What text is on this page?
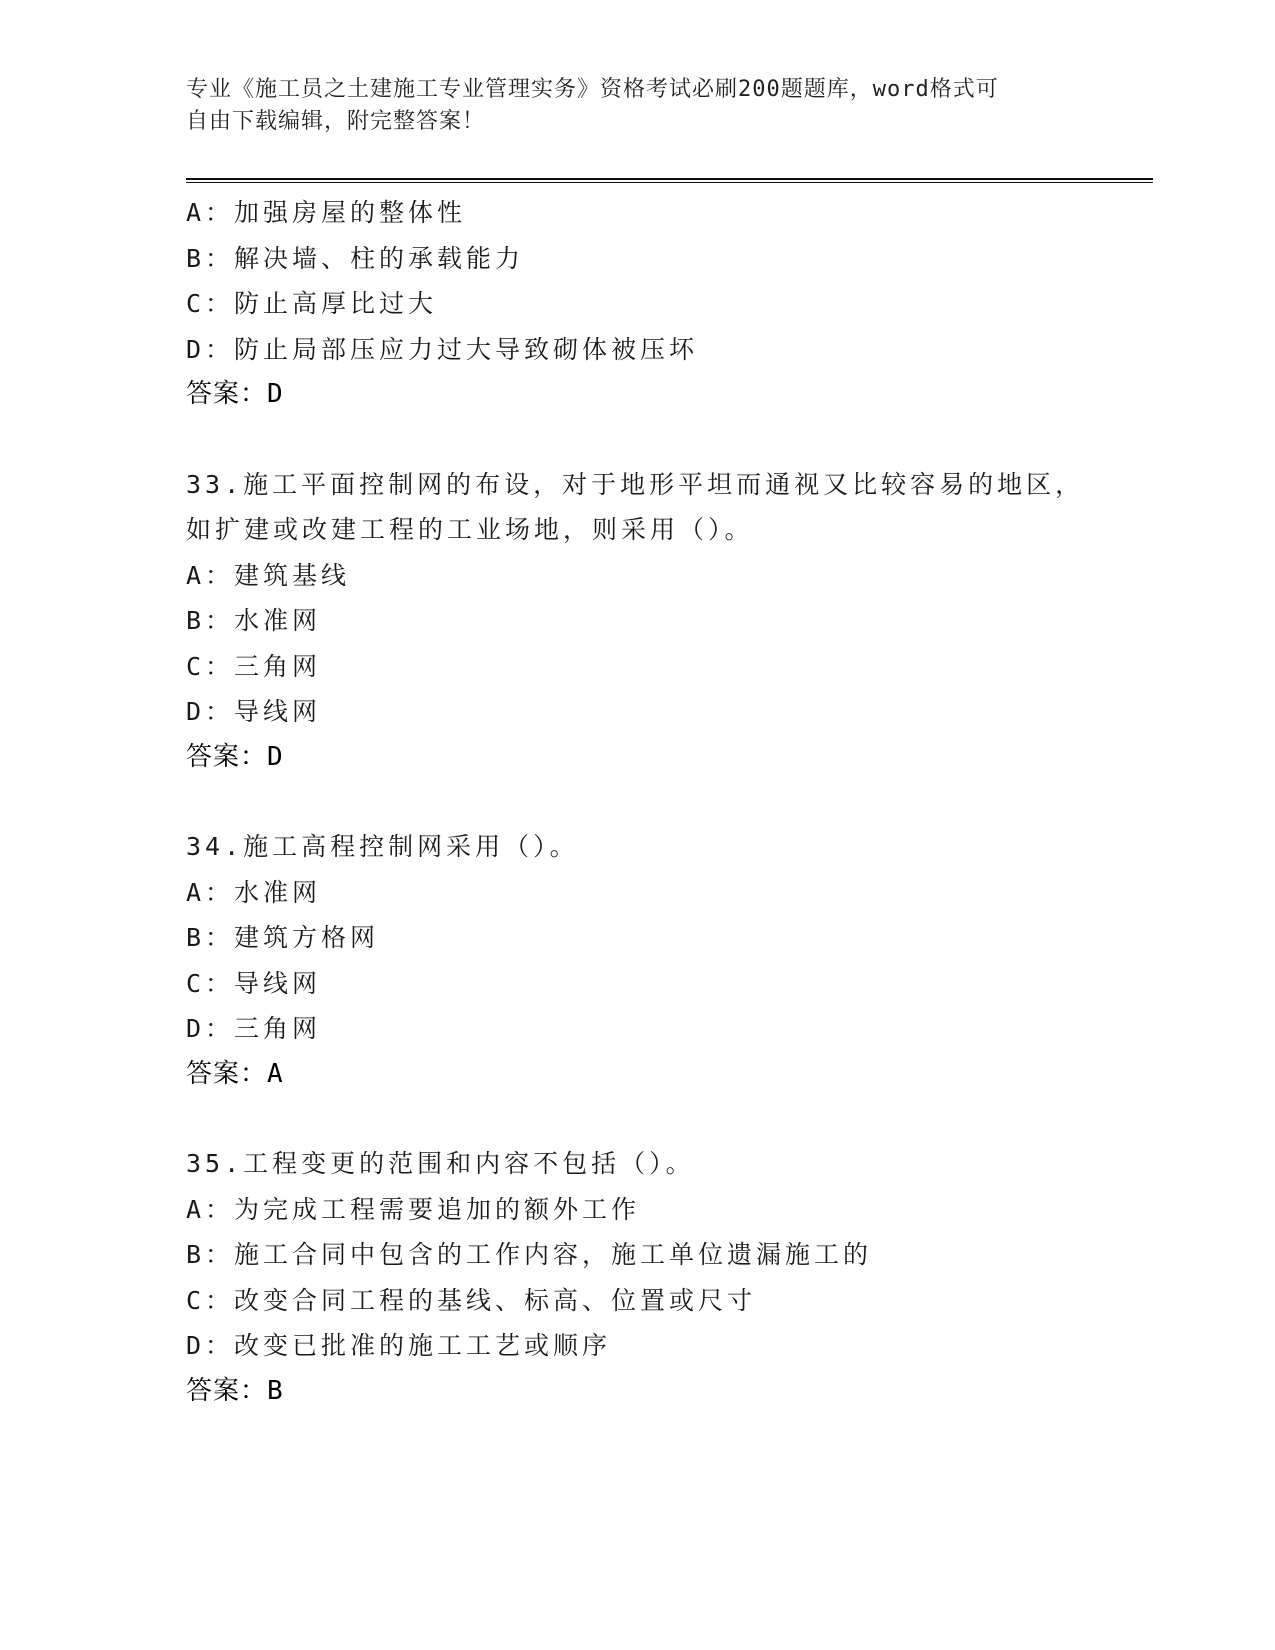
专业《施工员之土建施工专业管理实务》资格考试必刷200题题库，word格式可
自由下载编辑，附完整答案！
A：加强房屋的整体性
B：解决墙、柱的承载能力
C：防止高厚比过大
D：防止局部压应力过大导致砌体被压坏
答案：D
33.施工平面控制网的布设，对于地形平坦而通视又比较容易的地区，
如扩建或改建工程的工业场地，则采用（）。
A：建筑基线
B：水准网
C：三角网
D：导线网
答案：D
34.施工高程控制网采用（）。
A：水准网
B：建筑方格网
C：导线网
D：三角网
答案：A
35.工程变更的范围和内容不包括（）。
A：为完成工程需要追加的额外工作
B：施工合同中包含的工作内容，施工单位遗漏施工的
C：改变合同工程的基线、标高、位置或尺寸
D：改变已批准的施工工艺或顺序
答案：B
